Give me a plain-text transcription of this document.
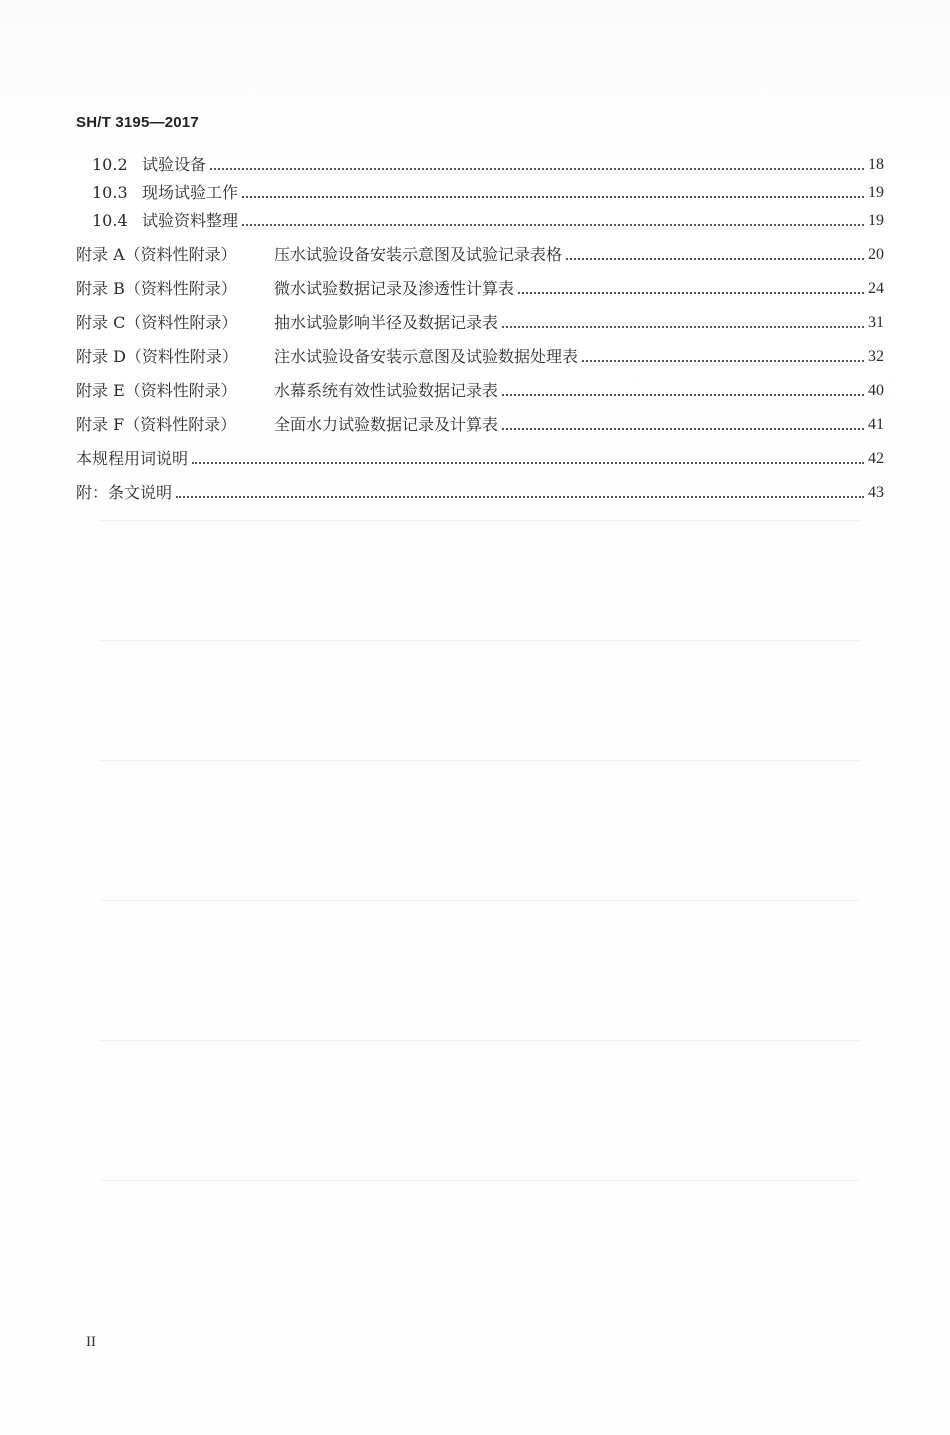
SH/T 3195—2017
10.2 试验设备	18
10.3 现场试验工作	19
10.4 试验资料整理	19
附录 A（资料性附录）	压水试验设备安装示意图及试验记录表格	20
附录 B（资料性附录）	微水试验数据记录及渗透性计算表	24
附录 C（资料性附录）	抽水试验影响半径及数据记录表	31
附录 D（资料性附录）	注水试验设备安装示意图及试验数据处理表	32
附录 E（资料性附录）	水幕系统有效性试验数据记录表	40
附录 F（资料性附录）	全面水力试验数据记录及计算表	41
本规程用词说明	42
附：条文说明	43
II
